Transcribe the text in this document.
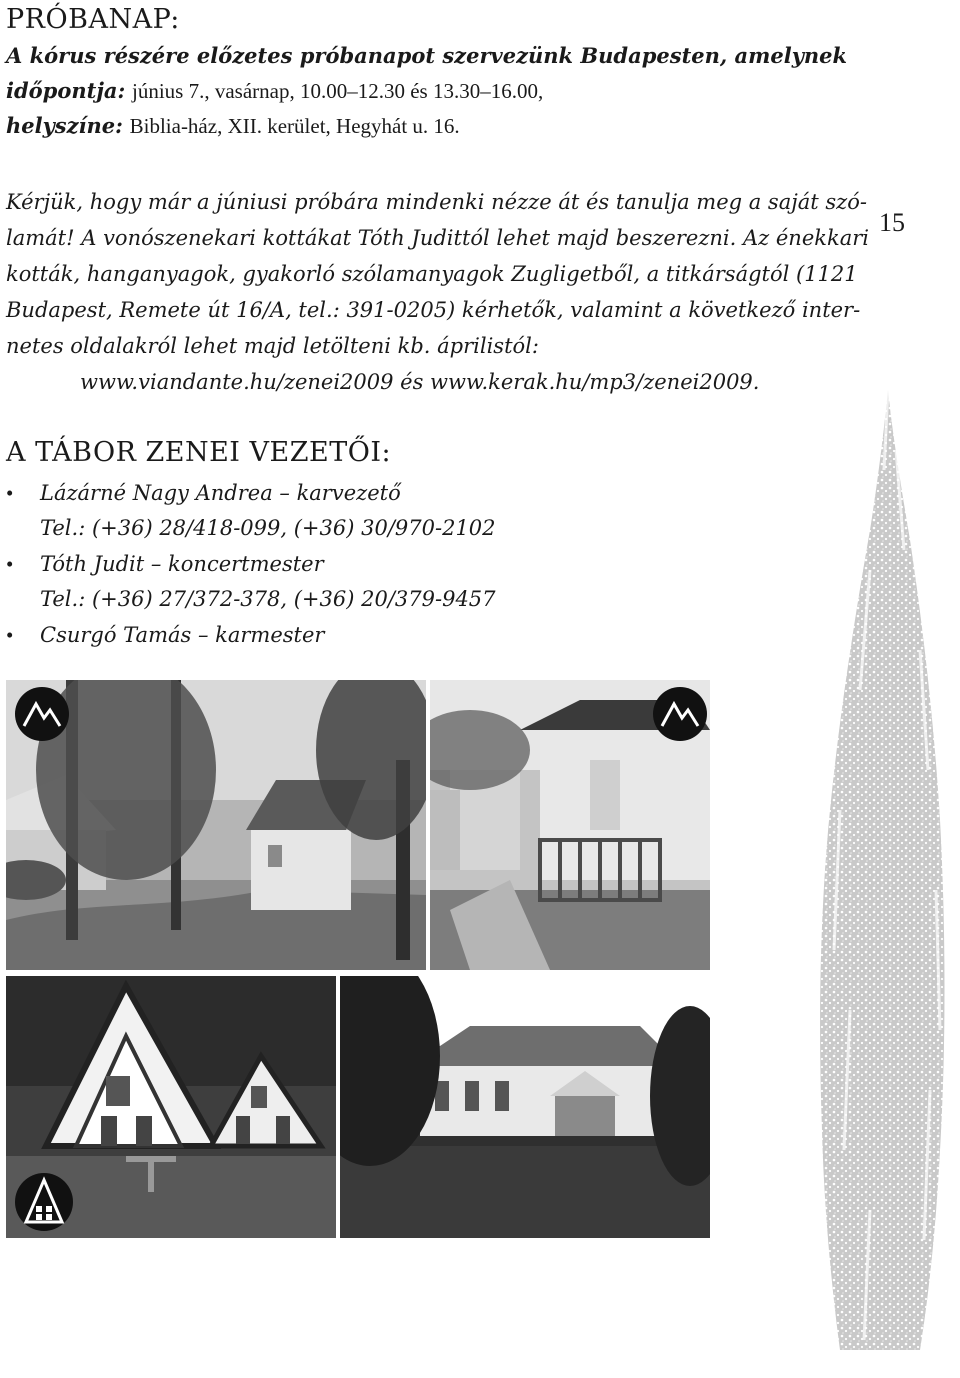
15
PRÓBANAP:
A kórus részére előzetes próbanapot szervezünk Budapesten, amelynek
időpontja: június 7., vasárnap, 10.00–12.30 és 13.30–16.00,
helyszíne: Biblia-ház, XII. kerület, Hegyhát u. 16.
Kérjük, hogy már a júniusi próbára mindenki nézze át és tanulja meg a saját szó-
lamát! A vonószenekari kottákat Tóth Judittól lehet majd beszerezni. Az énekkari
kották, hanganyagok, gyakorló szólamanyagok Zugligetből, a titkárságtól (1121
Budapest, Remete út 16/A, tel.: 391-0205) kérhetők, valamint a következő inter-
netes oldalakról lehet majd letölteni kb. áprilistól:
www.viandante.hu/zenei2009 és www.kerak.hu/mp3/zenei2009.
A TÁBOR ZENEI VEZETŐI:
• Lázárné Nagy Andrea – karvezető
Tel.: (+36) 28/418-099, (+36) 30/970-2102
• Tóth Judit – koncertmester
Tel.: (+36) 27/372-378, (+36) 20/379-9457
• Csurgó Tamás – karmester
